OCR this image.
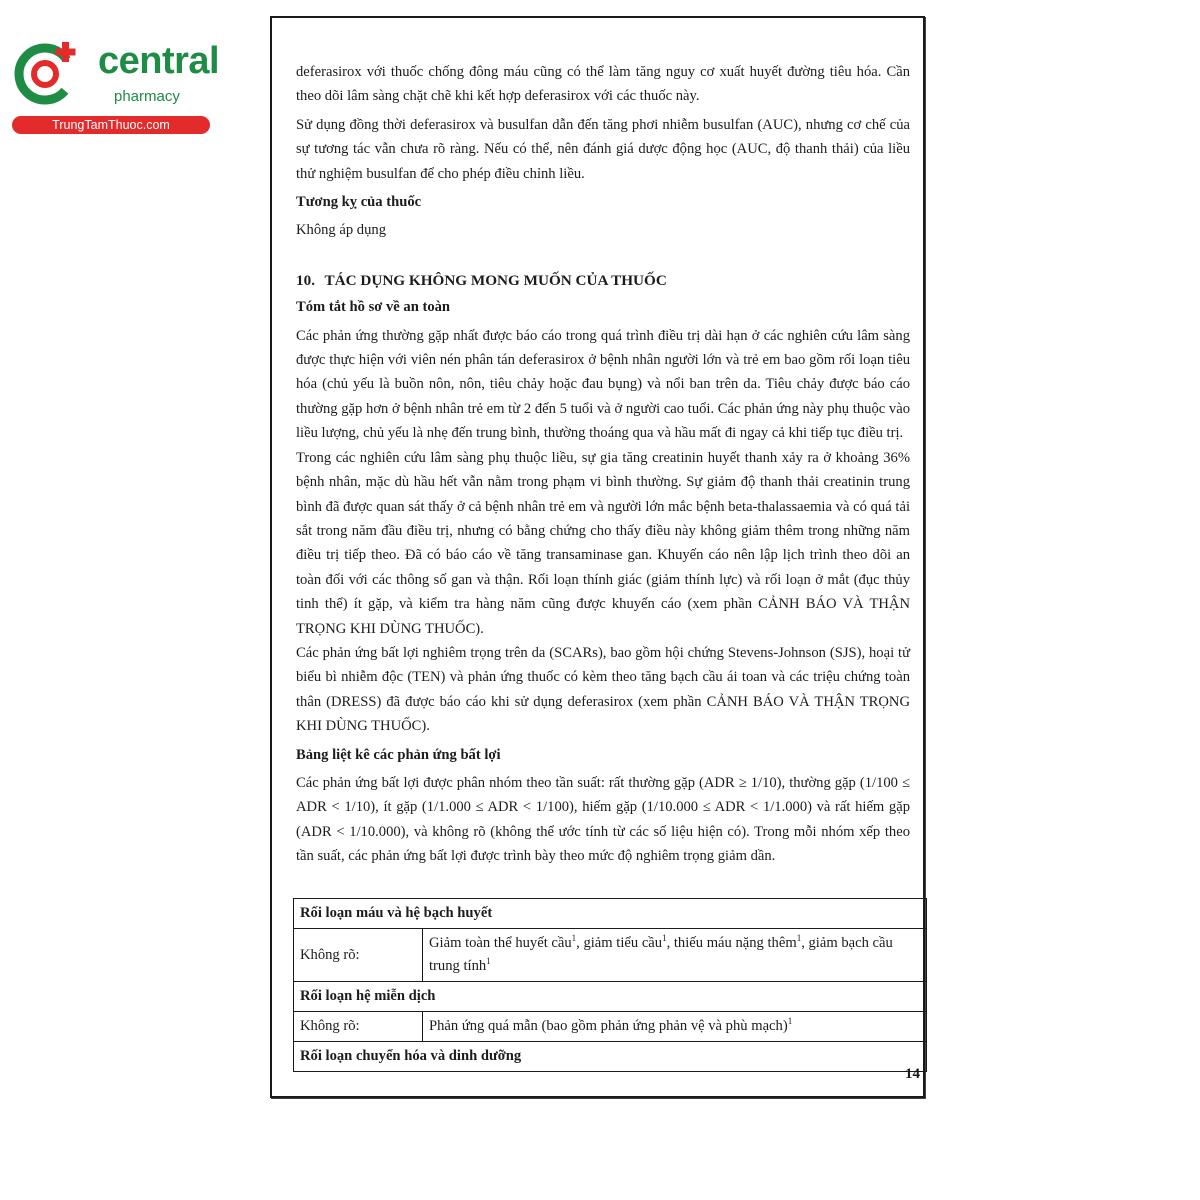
central
pharmacy
TrungTamThuoc.com

deferasirox với thuốc chống đông máu cũng có thể làm tăng nguy cơ xuất huyết đường tiêu hóa. Cần theo dõi lâm sàng chặt chẽ khi kết hợp deferasirox với các thuốc này.

Sử dụng đồng thời deferasirox và busulfan dẫn đến tăng phơi nhiễm busulfan (AUC), nhưng cơ chế của sự tương tác vẫn chưa rõ ràng. Nếu có thể, nên đánh giá dược động học (AUC, độ thanh thải) của liều thử nghiệm busulfan để cho phép điều chỉnh liều.

Tương kỵ của thuốc

Không áp dụng

10. TÁC DỤNG KHÔNG MONG MUỐN CỦA THUỐC
Tóm tắt hồ sơ về an toàn

Các phản ứng thường gặp nhất được báo cáo trong quá trình điều trị dài hạn ở các nghiên cứu lâm sàng được thực hiện với viên nén phân tán deferasirox ở bệnh nhân người lớn và trẻ em bao gồm rối loạn tiêu hóa (chủ yếu là buồn nôn, nôn, tiêu chảy hoặc đau bụng) và nổi ban trên da. Tiêu chảy được báo cáo thường gặp hơn ở bệnh nhân trẻ em từ 2 đến 5 tuổi và ở người cao tuổi. Các phản ứng này phụ thuộc vào liều lượng, chủ yếu là nhẹ đến trung bình, thường thoáng qua và hầu mất đi ngay cả khi tiếp tục điều trị.

Trong các nghiên cứu lâm sàng phụ thuộc liều, sự gia tăng creatinin huyết thanh xảy ra ở khoảng 36% bệnh nhân, mặc dù hầu hết vẫn nằm trong phạm vi bình thường. Sự giảm độ thanh thải creatinin trung bình đã được quan sát thấy ở cả bệnh nhân trẻ em và người lớn mắc bệnh beta-thalassaemia và có quá tải sắt trong năm đầu điều trị, nhưng có bằng chứng cho thấy điều này không giảm thêm trong những năm điều trị tiếp theo. Đã có báo cáo về tăng transaminase gan. Khuyến cáo nên lập lịch trình theo dõi an toàn đối với các thông số gan và thận. Rối loạn thính giác (giảm thính lực) và rối loạn ở mắt (đục thủy tinh thể) ít gặp, và kiểm tra hàng năm cũng được khuyến cáo (xem phần CẢNH BÁO VÀ THẬN TRỌNG KHI DÙNG THUỐC).

Các phản ứng bất lợi nghiêm trọng trên da (SCARs), bao gồm hội chứng Stevens-Johnson (SJS), hoại tử biểu bì nhiễm độc (TEN) và phản ứng thuốc có kèm theo tăng bạch cầu ái toan và các triệu chứng toàn thân (DRESS) đã được báo cáo khi sử dụng deferasirox (xem phần CẢNH BÁO VÀ THẬN TRỌNG KHI DÙNG THUỐC).

Bảng liệt kê các phản ứng bất lợi

Các phản ứng bất lợi được phân nhóm theo tần suất: rất thường gặp (ADR ≥ 1/10), thường gặp (1/100 ≤ ADR < 1/10), ít gặp (1/1.000 ≤ ADR < 1/100), hiếm gặp (1/10.000 ≤ ADR < 1/1.000) và rất hiếm gặp (ADR < 1/10.000), và không rõ (không thể ước tính từ các số liệu hiện có). Trong mỗi nhóm xếp theo tần suất, các phản ứng bất lợi được trình bày theo mức độ nghiêm trọng giảm dần.

Rối loạn máu và hệ bạch huyết	
Không rõ:	Giảm toàn thể huyết cầu$^1$, giảm tiểu cầu$^1$, thiếu máu nặng thêm$^1$, giảm bạch cầu trung tính$^1$
Rối loạn hệ miễn dịch	
Không rõ:	Phản ứng quá mẫn (bao gồm phản ứng phản vệ và phù mạch)$^1$
Rối loạn chuyển hóa và dinh dưỡng	
14
